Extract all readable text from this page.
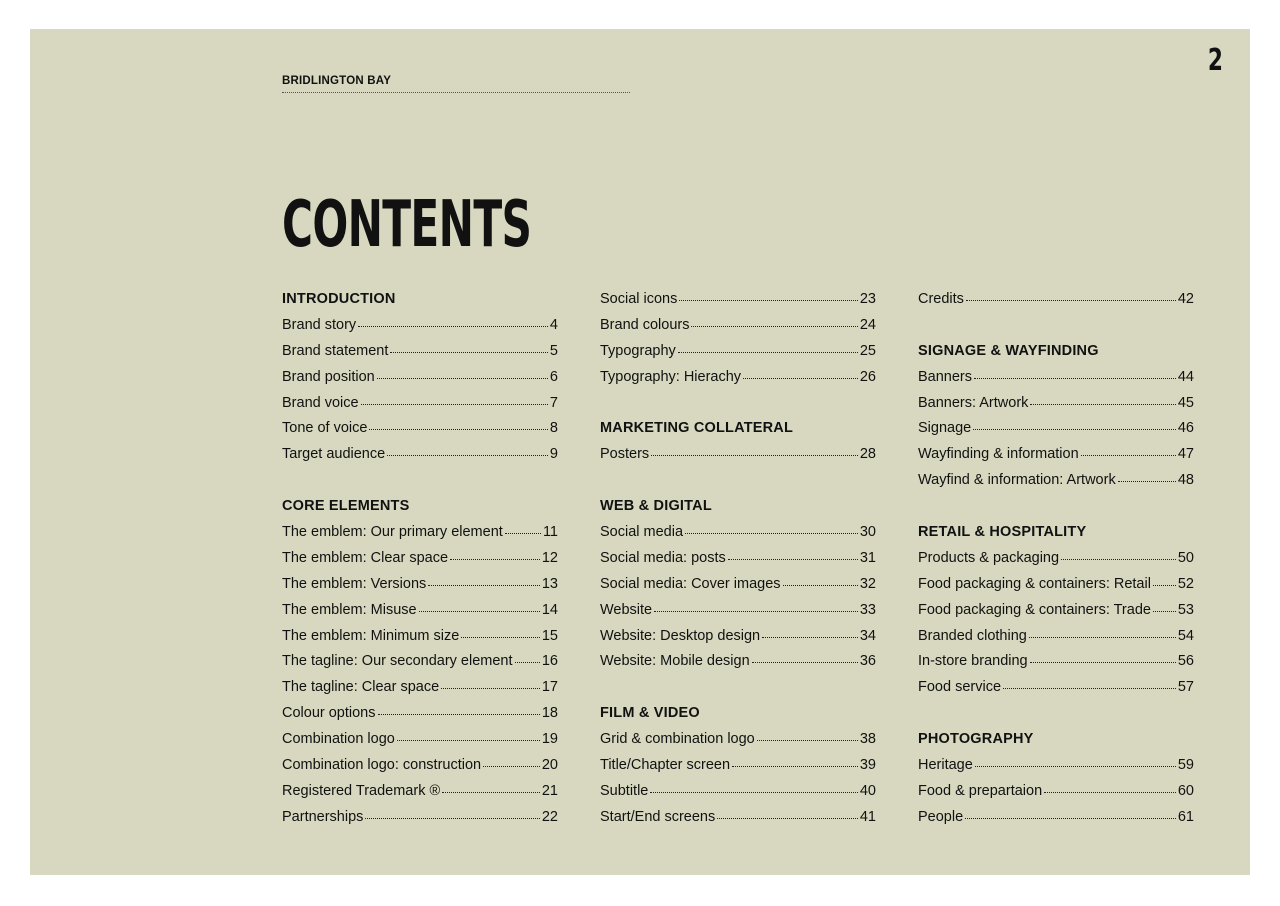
2
BRIDLINGTON BAY
CONTENTS
INTRODUCTION
Brand story	4
Brand statement	5
Brand position	6
Brand voice	7
Tone of voice	8
Target audience	9
CORE ELEMENTS
The emblem: Our primary element	11
The emblem: Clear space	12
The emblem: Versions	13
The emblem: Misuse	14
The emblem: Minimum size	15
The tagline: Our secondary element 16
The tagline: Clear space	17
Colour options	18
Combination logo	19
Combination logo: construction	20
Registered Trademark ®	21
Partnerships	22
Social icons	23
Brand colours	24
Typography	25
Typography: Hierachy	26
MARKETING COLLATERAL
Posters	28
WEB & DIGITAL
Social media	30
Social media: posts	31
Social media: Cover images	32
Website	33
Website: Desktop design	34
Website: Mobile design	36
FILM & VIDEO
Grid & combination logo	38
Title/Chapter screen	39
Subtitle	40
Start/End screens	41
Credits	42
SIGNAGE & WAYFINDING
Banners	44
Banners: Artwork	45
Signage	46
Wayfinding & information	47
Wayfind & information: Artwork	48
RETAIL & HOSPITALITY
Products & packaging	50
Food packaging & containers: Retail 52
Food packaging & containers: Trade 53
Branded clothing	54
In-store branding	56
Food service	57
PHOTOGRAPHY
Heritage	59
Food & prepartaion	60
People	61
